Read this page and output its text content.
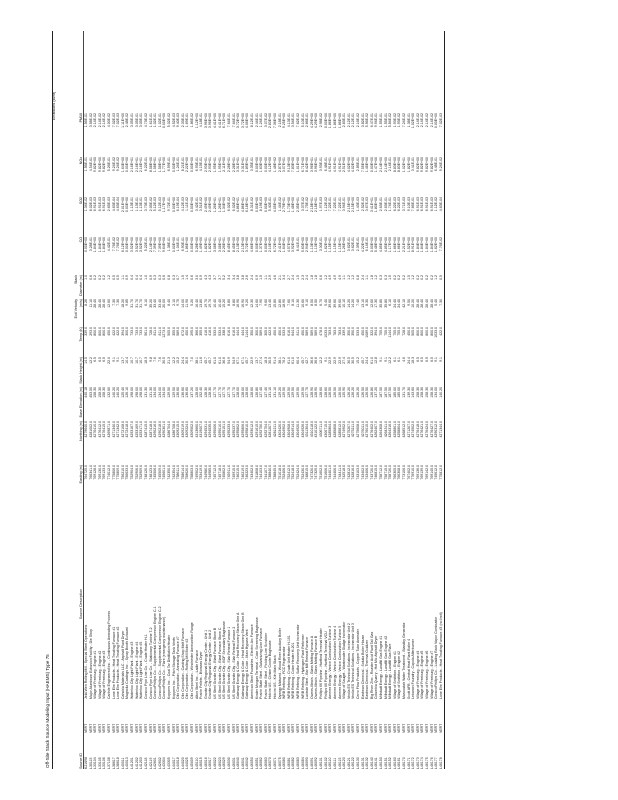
Off-Site Stack Source Modeling Input (HAEMS) Type 75
Emissions (lb/hr)
Source ID
Source Description
Easting (m)
Northing (m)
Base Elevation (m)
Stack Height (m)
Temp (K)
Exit Velocity (m/s)
Stack Diameter (m)
CO
SO2
NOx
PM10
K21698
VERT
Jeld-Wen Rolling Mill - Special Steel Operations
764725.0
4279640.0
445.18
14.5
339.0
8.26
1.0
0.00E+00
1.34E-02
1.56E-01
1.56E-01
L30115
VERT
Major Aluminum Extrusion Facility - Die Shop
766341.0
4281002.0
453.50
12.2
293.0
11.10
0.6
3.28E-01
8.02E-03
4.54E-01
3.58E-02
L33104
VERT
Village of Freeburg - Engine #1
769128.0
4276410.0
158.30
6.5
800.0
28.40
0.2
1.84E+00
6.91E-03
9.82E+00
2.14E-02
L33105
VERT
Village of Freeburg - Engine #2
769130.0
4276412.0
158.30
6.5
800.0
28.40
0.2
1.84E+00
6.91E-03
9.82E+00
2.14E-02
L33106
VERT
Village of Freeburg - Engine #3
769133.0
4276415.0
158.30
6.5
800.0
28.40
0.2
1.84E+00
6.91E-03
9.82E+00
2.14E-02
L37108
VERT
Carlisle Engineered Inc. - Continuous Annealing Process
774012.0
4269871.0
132.60
22.0
450.0
12.60
1.2
4.42E-01
2.65E-03
5.26E-01
4.00E-02
L38617
VERT
Lone Elm Products - Heat Treating Furnace #1
775806.0
4271340.0
140.20
9.1
422.0
7.30
0.5
7.76E-02
4.63E-04
9.24E-02
7.02E-03
L38618
VERT
Lone Elm Products - Heat Treating Furnace #2
775809.0
4271342.0
140.20
9.1
422.0
7.30
0.5
7.76E-02
4.63E-04
9.24E-02
7.02E-03
L40011
VERT
Cahokia Materials LLC - Asphalt Plant Dryer
756210.0
4272108.0
125.40
13.7
394.0
18.20
1.1
6.12E+00
2.01E+00
1.64E+00
1.11E+00
L40013
VERT
Magnolia Coatings Inc. - Spray Booth Exhaust
756633.0
4272418.0
126.10
10.4
300.0
9.85
0.9
0.00E+00
0.00E+00
0.00E+00
2.48E-02
L41201
VERT
Waterloo City Light Plant - Engine #3
752904.0
4253167.0
198.00
10.7
733.0
31.70
0.4
3.52E+00
1.13E-01
2.16E+01
3.05E-01
L41202
VERT
Waterloo City Light Plant - Engine #4
752906.0
4253169.0
198.00
10.7
733.0
31.70
0.4
3.52E+00
1.13E-01
2.16E+01
3.05E-01
L41203
VERT
Waterloo City Light Plant - Engine #5
752909.0
4253171.0
198.00
10.7
733.0
31.70
0.4
3.52E+00
1.13E-01
2.16E+01
3.05E-01
L42118
VERT
Conoco Pipe Line Co. - Crude Heater H-1
748120.0
4287415.0
131.30
18.3
561.0
6.10
1.0
5.22E-01
3.73E-03
6.22E-01
4.73E-02
L42119
VERT
Conoco Pipe Line Co. - Stationary Turbine T-2
748123.0
4287418.0
131.30
9.8
728.0
35.20
0.9
2.14E+00
2.05E-02
8.58E+00
1.61E-01
L42601
VERT
ConocoPhillips Co. - Supplemental Compressor Engine C-1
745506.0
4290216.0
134.00
7.6
811.0
33.40
0.3
7.39E+00
5.12E-03
1.58E+01
1.02E-01
L42602
VERT
ConocoPhillips Co. - Supplemental Compressor Engine C-2
745509.0
4290218.0
134.00
7.6
811.0
33.40
0.3
7.39E+00
5.12E-03
1.58E+01
1.02E-01
L43304
VERT
ConocoPhillips Co. - Flare (emergency maintenance)
745601.0
4290301.0
134.00
30.5
1273.0
20.00
0.6
9.64E+00
1.17E+00
1.77E+00
0.00E+00
L43305
VERT
Koppers Inc. - Coal Tar Distillation Heater
742350.0
4286704.0
129.50
21.3
505.0
8.40
0.8
1.38E-01
9.72E-01
6.59E-01
5.02E-02
L44017
VERT
Koppers Inc. - Pitch Storage Tank Vents
742354.0
4286708.0
129.50
12.2
355.0
2.10
0.3
0.00E+00
0.00E+00
0.00E+00
4.52E-03
L44018
VERT
Olin Corporation - Annealing Furnace #7
758611.0
4309215.0
136.60
15.2
589.0
9.75
0.7
1.04E-01
6.19E-04
1.24E-01
9.40E-03
L44020
VERT
Olin Corporation - Casting Shop Melt Furnace
758614.0
4309219.0
136.60
24.4
672.0
14.00
1.5
6.90E-01
4.12E-03
8.21E-01
2.33E-01
L44025
VERT
Olin Corporation - Rolling Mill Boiler #2
758620.0
4309224.0
136.60
30.5
450.0
11.90
1.4
1.86E+00
1.11E-02
2.22E+00
1.69E-01
L45009
VERT
Olin Corporation - Winchester Ammunition Range
758803.0
4309502.0
137.20
7.0
295.0
5.20
0.6
0.00E+00
0.00E+00
0.00E+00
1.86E-02
L45110
VERT
Alton Steel Inc. - Ladle Furnace
749502.0
4313660.0
128.00
38.1
366.0
16.40
3.0
5.28E+00
3.42E-01
6.93E-01
1.12E+00
L46015
VERT
Prairie Pellets - Biomass Dryer
753419.0
4319007.0
152.40
11.6
355.0
13.80
0.9
1.49E+00
3.51E-02
4.15E-01
4.18E-01
L46016
VERT
Granite City Regional Energy Center - Unit 1
744980.0
4294531.0
128.30
45.7
416.0
19.70
4.3
1.82E+01
2.49E+00
2.93E+01
3.96E+00
L46017
VERT
Granite City Regional Energy Center - Unit 2
744985.0
4294535.0
128.30
45.7
416.0
19.70
4.3
1.82E+01
2.49E+00
2.93E+01
3.96E+00
L46022
VERT
US Steel Granite City - Blast Furnace Stove B
745712.0
4295006.0
127.70
61.0
533.0
10.40
3.7
3.08E+01
1.26E+01
1.95E+01
4.41E+00
L46023
VERT
US Steel Granite City - Blast Furnace Stove C
745718.0
4295010.0
127.70
61.0
533.0
10.40
3.7
3.08E+01
1.26E+01
1.95E+01
4.41E+00
L46029
VERT
US Steel Granite City - BOF Secondary Baghouse
745802.0
4295151.0
127.70
36.6
338.0
15.20
5.2
2.26E+01
1.34E+00
2.11E+00
6.71E+00
L46030
VERT
US Steel Granite City - Slab Reheat Furnace 1
745911.0
4295233.0
127.70
54.9
616.0
8.80
3.4
8.45E+00
6.02E-02
2.28E+01
7.64E-01
L46031
VERT
US Steel Granite City - Slab Reheat Furnace 2
745915.0
4295237.0
127.70
54.9
616.0
8.80
3.4
8.45E+00
6.02E-02
2.28E+01
7.64E-01
L46040
VERT
Gateway Energy & Coke - Heat Recovery Steam Gen A
746215.0
4295802.0
128.00
67.1
444.0
16.90
3.8
2.13E+00
4.86E+01
3.31E+01
3.72E+00
L46041
VERT
Gateway Energy & Coke - Heat Recovery Steam Gen B
746219.0
4295806.0
128.00
67.1
444.0
16.90
3.8
2.13E+00
4.86E+01
3.31E+01
3.72E+00
L46042
VERT
Gateway Energy & Coke - Main Bypass Vent
746223.0
4295810.0
128.00
45.7
1144.0
9.20
2.6
3.72E+00
6.18E+01
1.89E+01
4.06E+00
L46050
VERT
American Steel Foundries - Electric Arc Furnace
743402.0
4293012.0
128.60
22.9
350.0
12.30
2.4
4.66E+00
8.31E-02
3.35E-01
8.12E-01
L46051
VERT
Kinder Morgan Terminal - Coke Screening Baghouse
741808.0
4291615.0
126.80
13.7
300.0
14.60
0.9
0.00E+00
0.00E+00
0.00E+00
2.44E-01
L46062
VERT
Prairie State Steel - Galvanizing Line Furnace
744103.0
4292750.0
127.40
27.4
589.0
7.90
1.5
1.37E+00
8.19E-03
1.63E+00
1.24E-01
L46063
VERT
Prairie State Steel - Pickling Line Scrubber
744107.0
4292754.0
127.40
18.3
305.0
9.60
1.1
0.00E+00
0.00E+00
0.00E+00
3.07E-02
L46070
VERT
Holcim US - Clinker Cooler Baghouse
738840.0
4281207.0
131.10
30.5
422.0
13.40
2.9
2.10E+00
5.40E-01
4.12E+00
2.83E+00
L46071
VERT
Holcim US - Kiln Main Stack
738845.0
4281211.0
131.10
91.4
450.0
15.80
4.6
6.72E+01
4.05E+01
1.48E+02
7.36E+00
L46075
VERT
Dynegy Midwest - Wood River Auxiliary Boiler
751018.0
4303420.0
129.20
38.1
450.0
12.80
2.1
2.41E+00
1.44E-02
2.87E+00
2.18E-01
L46080
VERT
WRB Refining - FCC Regenerator
752406.0
4304902.0
129.50
76.2
533.0
18.90
3.4
1.64E+01
2.79E+01
3.07E+01
9.25E+00
L46081
VERT
WRB Refining - Crude Unit Heater H-101
752412.0
4304908.0
129.50
61.0
616.0
7.60
2.7
4.57E+00
1.73E+00
9.13E+00
4.13E-01
L46082
VERT
WRB Refining - Coker Heater H-201
752418.0
4304914.0
129.50
61.0
644.0
8.10
2.4
3.92E+00
1.48E+00
7.83E+00
3.54E-01
L46083
VERT
WRB Refining - Sulfur Recovery Unit Incinerator
752424.0
4304920.0
129.50
60.4
811.0
11.30
1.5
8.41E-01
2.35E+01
1.01E+00
7.62E-02
L46084
VERT
WRB Refining - Hydrogen Plant Reformer
752430.0
4304926.0
129.50
45.7
450.0
10.60
2.3
5.63E+00
3.37E-02
6.71E+00
5.10E-01
L46090
VERT
Laclede Steel - Bar Mill Reheat Furnace
748815.0
4311304.0
127.70
42.7
589.0
9.10
2.4
2.94E+00
1.75E-02
8.42E+00
2.66E-01
L46091
VERT
Owens-Illinois - Glass Melting Furnace A
747320.0
4310118.0
128.90
36.6
589.0
8.50
1.8
1.13E+00
2.18E+01
3.96E+01
4.29E+00
L46092
VERT
Owens-Illinois - Glass Melting Furnace B
747325.0
4310122.0
128.90
36.6
589.0
8.50
1.8
1.13E+00
2.18E+01
3.96E+01
4.29E+00
L46101
VERT
Phillips 66 Pipeline - Hartford Terminal Heater
751602.0
4306711.0
128.60
12.2
478.0
6.70
0.6
3.30E-01
1.97E-03
3.93E-01
2.98E-02
L46102
VERT
Phillips 66 Pipeline - Hartford Terminal VCU
751606.0
4306715.0
128.60
9.1
1033.0
5.40
1.2
1.62E+00
1.12E-02
6.48E-01
0.00E+00
L46110
VERT
Ameren Energy - Venice Combustion Turbine 3
744401.0
4285804.0
126.50
22.9
783.0
39.60
4.9
1.15E+01
7.22E-01
4.91E+01
1.86E+00
L46111
VERT
Ameren Energy - Venice Combustion Turbine 4
744406.0
4285808.0
126.50
22.9
783.0
39.60
4.9
1.15E+01
7.22E-01
4.91E+01
1.86E+00
L46115
VERT
Ameren Energy - Venice Combustion Turbine 5
744411.0
4285812.0
126.50
22.9
783.0
39.60
4.9
1.15E+01
7.22E-01
4.91E+01
1.86E+00
L46120
VERT
Village of Sauget - Wastewater Sludge Incinerator
742518.0
4274902.0
125.90
27.4
339.0
10.10
1.1
1.26E+00
3.94E-01
2.51E+00
2.83E-01
L46121
VERT
Veolia ES Technical Solutions - Incinerator Unit 2
742812.0
4275207.0
126.20
30.5
350.0
14.20
1.2
3.62E-01
2.15E+00
4.02E+00
2.12E-01
L46122
VERT
Veolia ES Technical Solutions - Incinerator Unit 3
742816.0
4275211.0
126.20
30.5
350.0
14.20
1.2
3.62E-01
2.15E+00
4.02E+00
2.12E-01
L46130
VERT
Cerro Flow Products - Copper Tube Annealer
743103.0
4275608.0
126.20
15.2
533.0
7.40
0.8
2.39E-01
1.43E-03
2.85E-01
2.16E-02
L46131
VERT
Eastman Chemical - Solutia Boiler House
743402.0
4276011.0
126.50
45.7
450.0
13.10
2.4
4.22E+00
2.52E-02
7.55E+00
3.82E-01
L46132
VERT
Eastman Chemical - Thermal Oxidizer
743406.0
4276015.0
126.50
24.4
1089.0
8.30
1.1
6.14E-01
3.67E-03
1.46E+00
5.56E-02
L46140
VERT
Big River Zinc - Roaster Acid Plant Tail Gas
743720.0
4276402.0
126.80
61.0
322.0
12.60
1.8
0.00E+00
3.41E+01
0.00E+00
6.47E-01
L46141
VERT
Columbia Quarry - Hot Mix Asphalt Dryer
746815.0
4262407.0
137.20
12.8
394.0
17.30
1.2
5.48E+00
1.80E+00
1.47E+00
9.94E-01
L46150
VERT
Millstadt Energy - Landfill Gas Engine #1
758712.0
4264308.0
187.50
9.1
755.0
35.80
0.3
4.85E+00
2.63E-01
2.14E+00
1.55E-01
L46151
VERT
Millstadt Energy - Landfill Gas Engine #2
758715.0
4264311.0
187.50
9.1
755.0
35.80
0.3
4.85E+00
2.63E-01
2.14E+00
1.55E-01
L46152
VERT
Millstadt Energy - Landfill Gas Flare
758720.0
4264316.0
187.50
12.2
1144.0
6.10
1.5
1.17E+00
1.74E-01
2.14E-01
5.84E-02
L46160
VERT
Village of Smithton - Engine #1
766305.0
4258801.0
185.00
6.1
755.0
24.40
0.2
1.66E+00
6.22E-03
8.83E+00
1.93E-02
L46161
VERT
Village of Smithton - Engine #2
766308.0
4258804.0
185.00
6.1
755.0
24.40
0.2
1.66E+00
6.22E-03
8.83E+00
1.93E-02
L46170
VERT
Mascoutah Water Treatment - Standby Generator
773106.0
4268512.0
131.70
4.6
728.0
42.10
0.2
2.21E+00
3.71E-03
1.02E+01
7.24E-02
L46171
VERT
Scott AFB - Central Heat Plant Boiler 4
767402.0
4271207.0
139.30
24.4
450.0
9.50
1.5
1.52E+00
9.10E-03
1.82E+00
1.38E-01
L46172
VERT
Lebanon Foundry - Cupola Afterburner
776910.0
4274502.0
143.60
18.3
505.0
10.20
1.2
8.91E+00
7.66E-01
3.41E-01
1.02E+00
L46173
VERT
Village of Freeburg - Engine #4
769136.0
4276418.0
158.30
6.5
800.0
28.40
0.2
1.84E+00
6.91E-03
9.82E+00
2.14E-02
L46174
VERT
Village of Freeburg - Engine #5
769139.0
4276421.0
158.30
6.5
800.0
28.40
0.2
1.84E+00
6.91E-03
9.82E+00
2.14E-02
L46175
VERT
Village of Freeburg - Engine #6
769142.0
4276424.0
158.30
6.5
800.0
28.40
0.2
1.84E+00
6.91E-03
9.82E+00
2.14E-02
L46176
VERT
Village of Freeburg - Engine #7
769145.0
4276427.0
158.30
6.5
800.0
28.40
0.2
1.84E+00
6.91E-03
9.82E+00
2.14E-02
L46177
VERT
ConocoPhillips Co. - Loading Rack Vapor Combustor
745612.0
4290312.0
134.00
9.1
1033.0
5.40
1.2
1.62E+00
1.12E-02
6.48E-01
0.00E+00
L46178
VERT
Lone Elm Products - Heat Treating Furnace #3 (no limit)
775812.0
4271344.0
140.20
9.1
422.0
7.30
0.5
7.76E-02
4.63E-04
9.24E-02
7.02E-03
